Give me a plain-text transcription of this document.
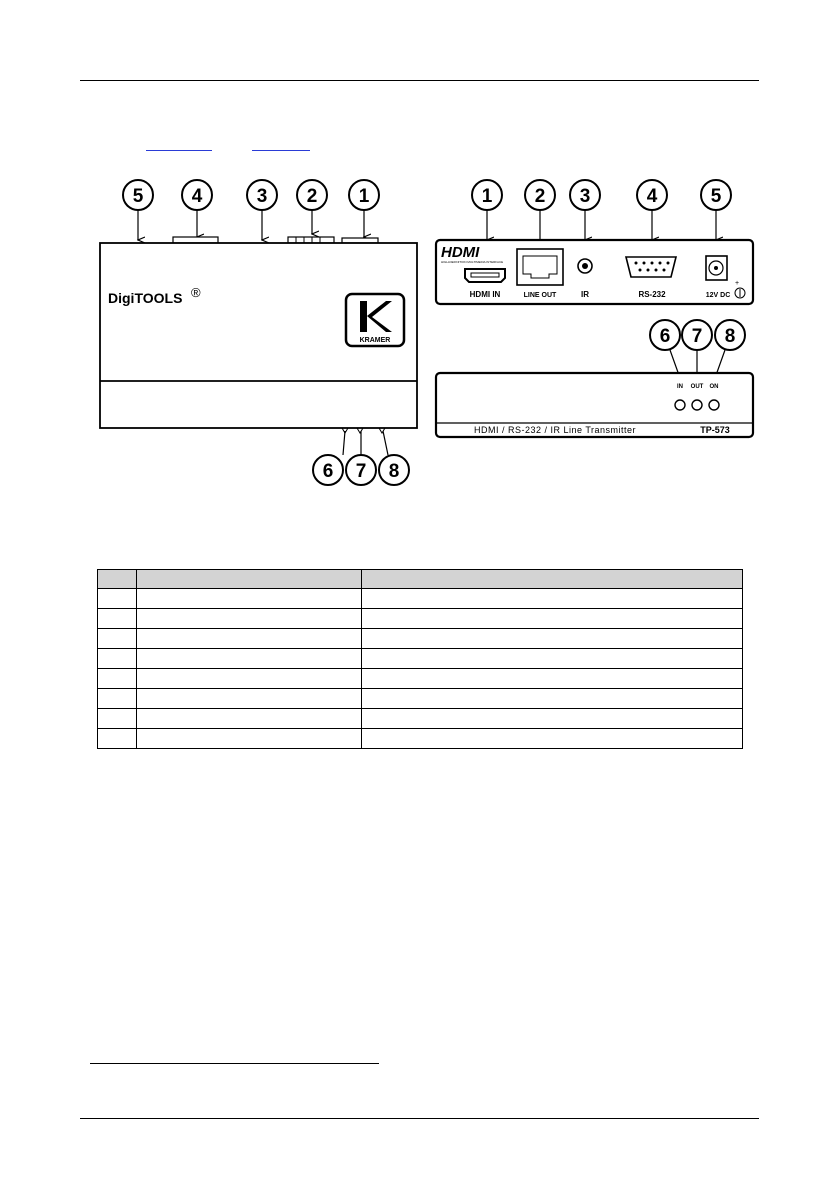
5	4	3 2 1
DigiTOOLS ®
KRAMER
6 7 8
1 2 3	4	5
HDMI
HIGH-DEFINITION MULTIMEDIA INTERFACE
HDMI IN	LINE OUT	IR	RS-232	12V DC
+
6 7 8
IN OUT ON
HDMI / RS-232 / IR Line Transmitter	TP-573
